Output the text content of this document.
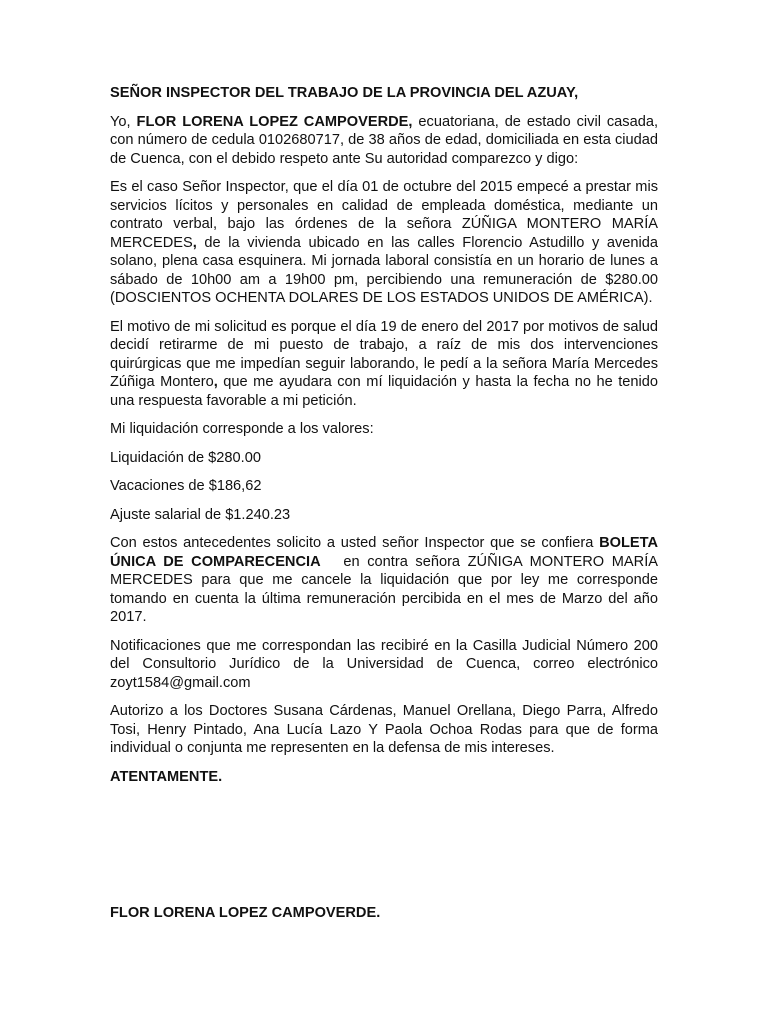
SEÑOR INSPECTOR DEL TRABAJO DE LA PROVINCIA DEL AZUAY,

Yo, FLOR LORENA LOPEZ CAMPOVERDE, ecuatoriana, de estado civil casada, con número de cedula 0102680717, de 38 años de edad, domiciliada en esta ciudad de Cuenca, con el debido respeto ante Su autoridad comparezco y digo:

Es el caso Señor Inspector, que el día 01 de octubre del 2015 empecé a prestar mis servicios lícitos y personales en calidad de empleada doméstica, mediante un contrato verbal, bajo las órdenes de la señora ZÚÑIGA MONTERO MARÍA MERCEDES, de la vivienda ubicado en las calles Florencio Astudillo y avenida solano, plena casa esquinera. Mi jornada laboral consistía en un horario de lunes a sábado de 10h00 am a 19h00 pm, percibiendo una remuneración de $280.00 (DOSCIENTOS OCHENTA DOLARES DE LOS ESTADOS UNIDOS DE AMÉRICA).

El motivo de mi solicitud es porque el día 19 de enero del 2017 por motivos de salud decidí retirarme de mi puesto de trabajo, a raíz de mis dos intervenciones quirúrgicas que me impedían seguir laborando, le pedí a la señora María Mercedes Zúñiga Montero, que me ayudara con mí liquidación y hasta la fecha no he tenido una respuesta favorable a mi petición.

Mi liquidación corresponde a los valores:

Liquidación de $280.00

Vacaciones de $186,62

Ajuste salarial de $1.240.23

Con estos antecedentes solicito a usted señor Inspector que se confiera BOLETA ÚNICA DE COMPARECENCIA en contra señora ZÚÑIGA MONTERO MARÍA MERCEDES para que me cancele la liquidación que por ley me corresponde tomando en cuenta la última remuneración percibida en el mes de Marzo del año 2017.

Notificaciones que me correspondan las recibiré en la Casilla Judicial Número 200 del Consultorio Jurídico de la Universidad de Cuenca, correo electrónico zoyt1584@gmail.com

Autorizo a los Doctores Susana Cárdenas, Manuel Orellana, Diego Parra, Alfredo Tosi, Henry Pintado, Ana Lucía Lazo Y Paola Ochoa Rodas para que de forma individual o conjunta me representen en la defensa de mis intereses.

ATENTAMENTE.

FLOR LORENA LOPEZ CAMPOVERDE.
